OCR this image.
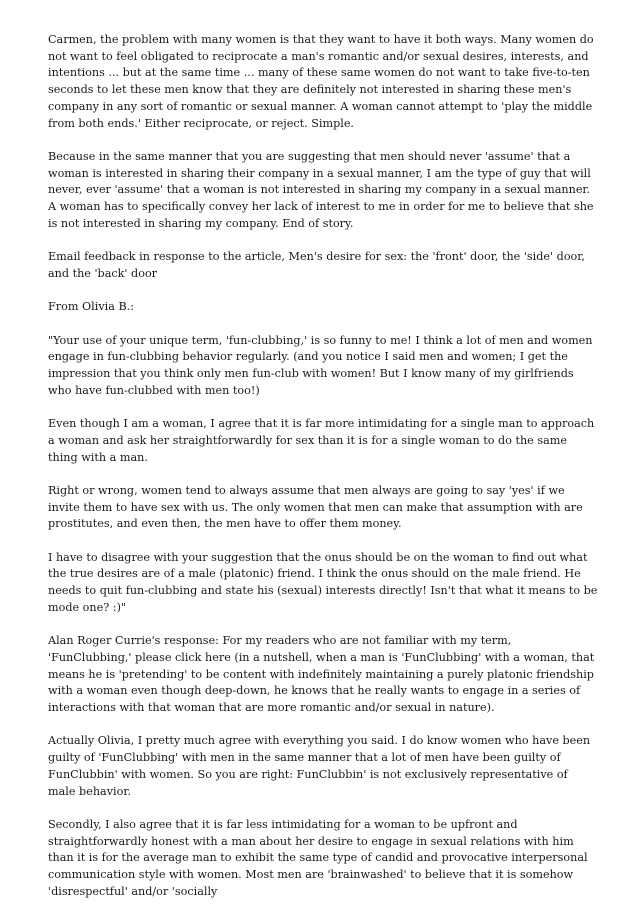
Carmen, the problem with many women is that they want to have it both ways. Many women do not want to feel obligated to reciprocate a man's romantic and/or sexual desires, interests, and intentions ... but at the same time ... many of these same women do not want to take five-to-ten seconds to let these men know that they are definitely not interested in sharing these men's company in any sort of romantic or sexual manner. A woman cannot attempt to 'play the middle from both ends.' Either reciprocate, or reject. Simple.

Because in the same manner that you are suggesting that men should never 'assume' that a woman is interested in sharing their company in a sexual manner, I am the type of guy that will never, ever 'assume' that a woman is not interested in sharing my company in a sexual manner. A woman has to specifically convey her lack of interest to me in order for me to believe that she is not interested in sharing my company. End of story.

Email feedback in response to the article, Men's desire for sex: the 'front' door, the 'side' door, and the 'back' door

From Olivia B.:

"Your use of your unique term, 'fun-clubbing,' is so funny to me! I think a lot of men and women engage in fun-clubbing behavior regularly. (and you notice I said men and women; I get the impression that you think only men fun-club with women! But I know many of my girlfriends who have fun-clubbed with men too!)

Even though I am a woman, I agree that it is far more intimidating for a single man to approach a woman and ask her straightforwardly for sex than it is for a single woman to do the same thing with a man.

Right or wrong, women tend to always assume that men always are going to say 'yes' if we invite them to have sex with us. The only women that men can make that assumption with are prostitutes, and even then, the men have to offer them money.

I have to disagree with your suggestion that the onus should be on the woman to find out what the true desires are of a male (platonic) friend. I think the onus should on the male friend. He needs to quit fun-clubbing and state his (sexual) interests directly! Isn't that what it means to be mode one? :)"

Alan Roger Currie's response: For my readers who are not familiar with my term, 'FunClubbing,' please click here (in a nutshell, when a man is 'FunClubbing' with a woman, that means he is 'pretending' to be content with indefinitely maintaining a purely platonic friendship with a woman even though deep-down, he knows that he really wants to engage in a series of interactions with that woman that are more romantic and/or sexual in nature).

Actually Olivia, I pretty much agree with everything you said. I do know women who have been guilty of 'FunClubbing' with men in the same manner that a lot of men have been guilty of FunClubbin' with women. So you are right: FunClubbin' is not exclusively representative of male behavior.

Secondly, I also agree that it is far less intimidating for a woman to be upfront and straightforwardly honest with a man about her desire to engage in sexual relations with him than it is for the average man to exhibit the same type of candid and provocative interpersonal communication style with women. Most men are 'brainwashed' to believe that it is somehow 'disrespectful' and/or 'socially
